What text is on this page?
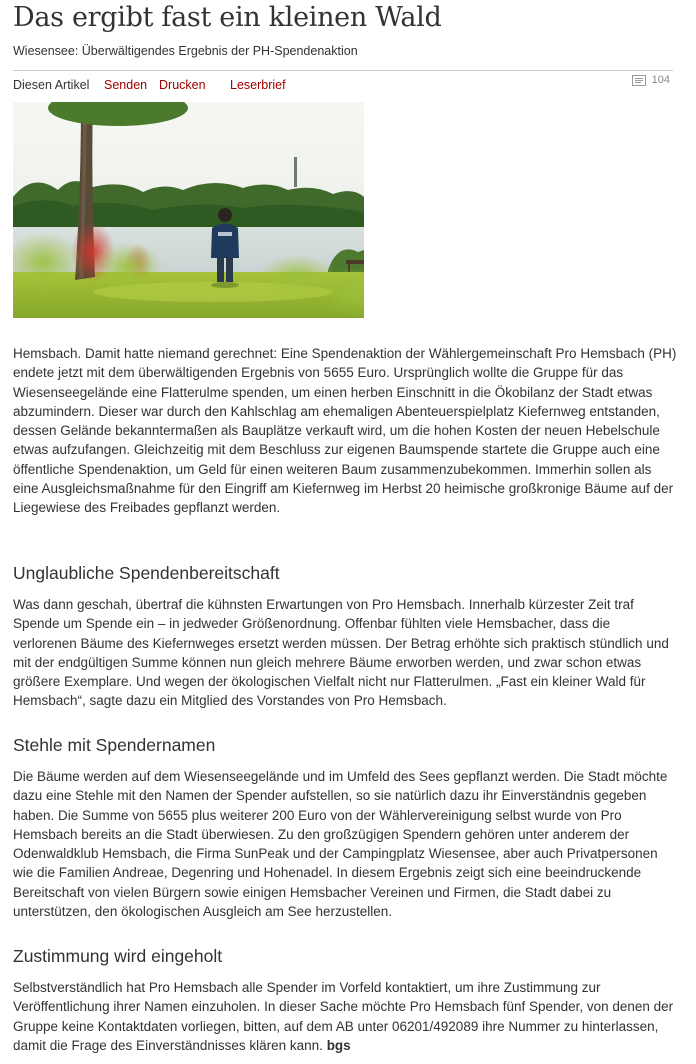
Das ergibt fast ein kleinen Wald
Wiesensee: Überwältigendes Ergebnis der PH-Spendenaktion
Diesen Artikel Senden Drucken Leserbrief	104

Hemsbach. Damit hatte niemand gerechnet: Eine Spendenaktion der Wählergemeinschaft Pro Hemsbach (PH) endete jetzt mit dem überwältigenden Ergebnis von 5655 Euro. Ursprünglich wollte die Gruppe für das Wiesenseegelände eine Flatterulme spenden, um einen herben Einschnitt in die Ökobilanz der Stadt etwas abzumindern. Dieser war durch den Kahlschlag am ehemaligen Abenteuerspielplatz Kiefernweg entstanden, dessen Gelände bekanntermaßen als Bauplätze verkauft wird, um die hohen Kosten der neuen Hebelschule etwas aufzufangen. Gleichzeitig mit dem Beschluss zur eigenen Baumspende startete die Gruppe auch eine öffentliche Spendenaktion, um Geld für einen weiteren Baum zusammenzubekommen. Immerhin sollen als eine Ausgleichsmaßnahme für den Eingriff am Kiefernweg im Herbst 20 heimische großkronige Bäume auf der Liegewiese des Freibades gepflanzt werden.

Unglaubliche Spendenbereitschaft

Was dann geschah, übertraf die kühnsten Erwartungen von Pro Hemsbach. Innerhalb kürzester Zeit traf Spende um Spende ein – in jedweder Größenordnung. Offenbar fühlten viele Hemsbacher, dass die verlorenen Bäume des Kiefernweges ersetzt werden müssen. Der Betrag erhöhte sich praktisch stündlich und mit der endgültigen Summe können nun gleich mehrere Bäume erworben werden, und zwar schon etwas größere Exemplare. Und wegen der ökologischen Vielfalt nicht nur Flatterulmen. „Fast ein kleiner Wald für Hemsbach“, sagte dazu ein Mitglied des Vorstandes von Pro Hemsbach.

Stehle mit Spendernamen

Die Bäume werden auf dem Wiesenseegelände und im Umfeld des Sees gepflanzt werden. Die Stadt möchte dazu eine Stehle mit den Namen der Spender aufstellen, so sie natürlich dazu ihr Einverständnis gegeben haben. Die Summe von 5655 plus weiterer 200 Euro von der Wählervereinigung selbst wurde von Pro Hemsbach bereits an die Stadt überwiesen. Zu den großzügigen Spendern gehören unter anderem der Odenwaldklub Hemsbach, die Firma SunPeak und der Campingplatz Wiesensee, aber auch Privatpersonen wie die Familien Andreae, Degenring und Hohenadel. In diesem Ergebnis zeigt sich eine beeindruckende Bereitschaft von vielen Bürgern sowie einigen Hemsbacher Vereinen und Firmen, die Stadt dabei zu unterstützen, den ökologischen Ausgleich am See herzustellen.

Zustimmung wird eingeholt

Selbstverständlich hat Pro Hemsbach alle Spender im Vorfeld kontaktiert, um ihre Zustimmung zur Veröffentlichung ihrer Namen einzuholen. In dieser Sache möchte Pro Hemsbach fünf Spender, von denen der Gruppe keine Kontaktdaten vorliegen, bitten, auf dem AB unter 06201/492089 ihre Nummer zu hinterlassen, damit die Frage des Einverständnisses klären kann. bgs
